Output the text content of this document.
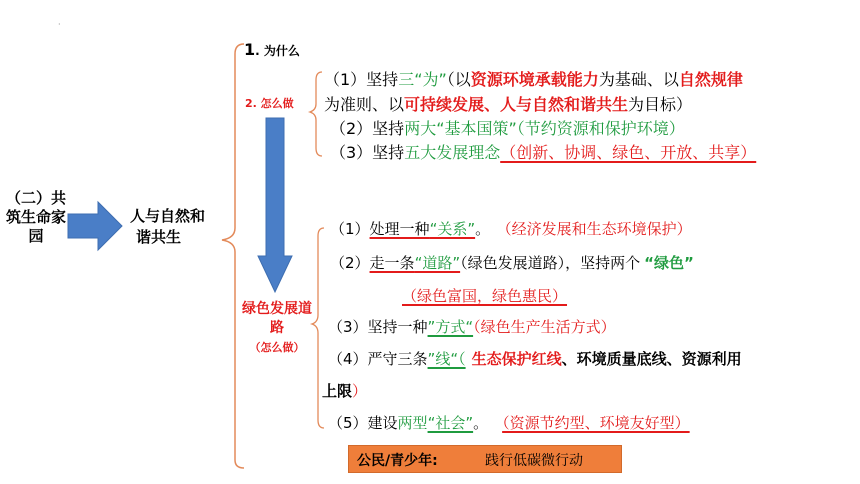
·
（二）共筑生命家园
人与自然和
谐共生
1. 为什么
2. 怎么做
绿色发展道路
（怎么做）
（1）坚持三“为”（以资源环境承载能力为基础、以自然规律
为准则、以可持续发展、人与自然和谐共生为目标）
（2）坚持两大“基本国策”（节约资源和保护环境）
（3）坚持五大发展理念（创新、协调、绿色、开放、共享）
（1）处理一种“关系”。 （经济发展和生态环境保护）
（2）走一条“道路”（绿色发展道路），坚持两个 “绿色”
（绿色富国，绿色惠民）
（3）坚持一种”方式“（绿色生产生活方式）
（4）严守三条”线“（ 生态保护红线、环境质量底线、资源利用
上限）
（5）建设两型“社会”。 （资源节约型、环境友好型）
公民/青少年:	践行低碳微行动
